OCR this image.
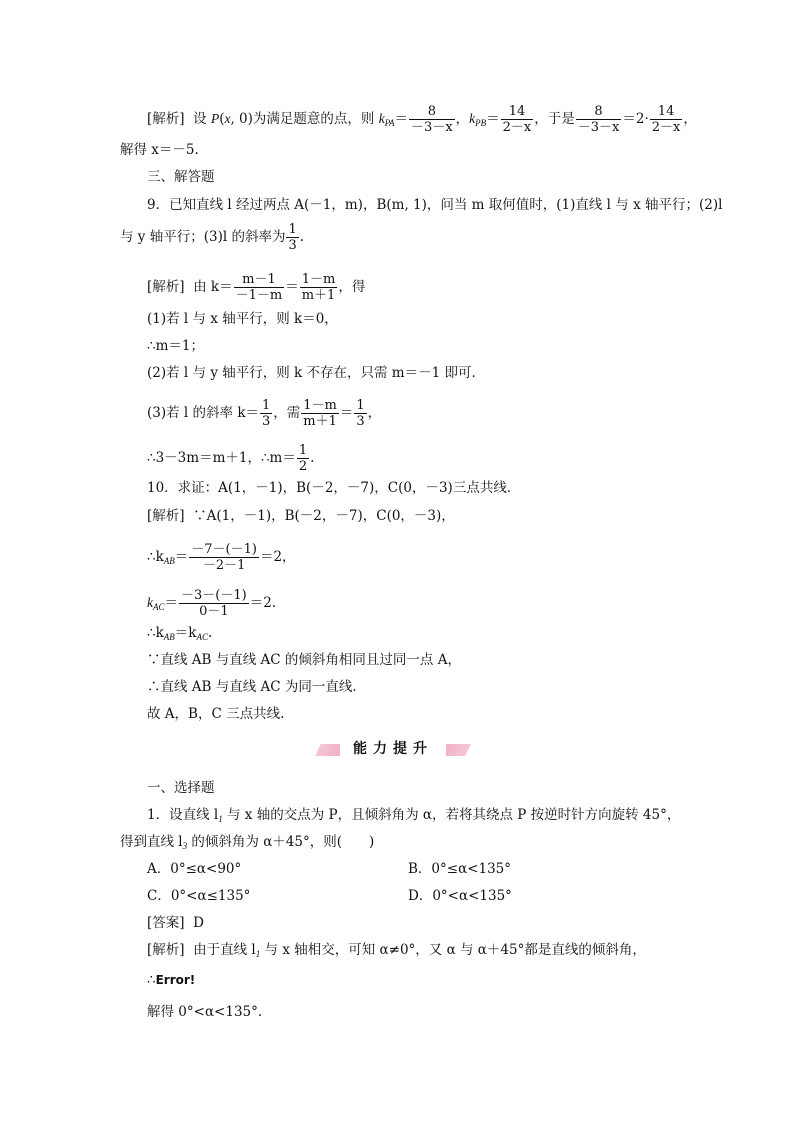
[解析] 设 P(x, 0)为满足题意的点，则 $k_{PA}= \frac{8}{-3-x}$ ，$k_{PB}= \frac{14}{2-x}$ ，于是 $\frac{8}{-3-x} =2\cdot \frac{14}{2-x}$ ，
解得 x＝－5.
三、解答题
9．已知直线 l 经过两点 A(－1，m)，B(m, 1)，问当 m 取何值时，(1)直线 l 与 x 轴平行；(2)l
与 y 轴平行；(3)l 的斜率为 $\frac{1}{3}$ .
[解析] 由 $k= \frac{m-1}{-1-m} = \frac{1-m}{m+1}$ ，得
(1)若 l 与 x 轴平行，则 k＝0，
∴m＝1；
(2)若 l 与 y 轴平行，则 k 不存在，只需 m＝－1 即可．
(3)若 l 的斜率 $k= \frac{1}{3}$ ，需 $\frac{1-m}{m+1} = \frac{1}{3}$ ，
∴3－3m＝m＋1，∴m＝ $\frac{1}{2}$ .
10．求证：A(1，－1)，B(－2，－7)，C(0，－3)三点共线．
[解析] ∵A(1，－1)，B(－2，－7)，C(0，－3)，
$\therefore k_{AB}= \frac{-7-(-1)}{-2-1} =2$，
$k_{AC}= \frac{-3-(-1)}{0-1} =2$.
$\therefore k_{AB}=k_{AC}$.
∵直线 AB 与直线 AC 的倾斜角相同且过同一点 A，
∴直线 AB 与直线 AC 为同一直线．
故 A，B，C 三点共线.
能力提升
一、选择题
1．设直线 $l_1$ 与 x 轴的交点为 P，且倾斜角为 α，若将其绕点 P 按逆时针方向旋转 45°，
得到直线 $l_3$ 的倾斜角为 α＋45°，则(　　)
A．0°≤α<90°	B．0°≤α<135°
C．0°<α≤135°	D．0°<α<135°
[答案] D
[解析] 由于直线 $l_1$ 与 x 轴相交，可知 α≠0°，又 α 与 α＋45°都是直线的倾斜角，
∴Error!
解得 0°<α<135°.
